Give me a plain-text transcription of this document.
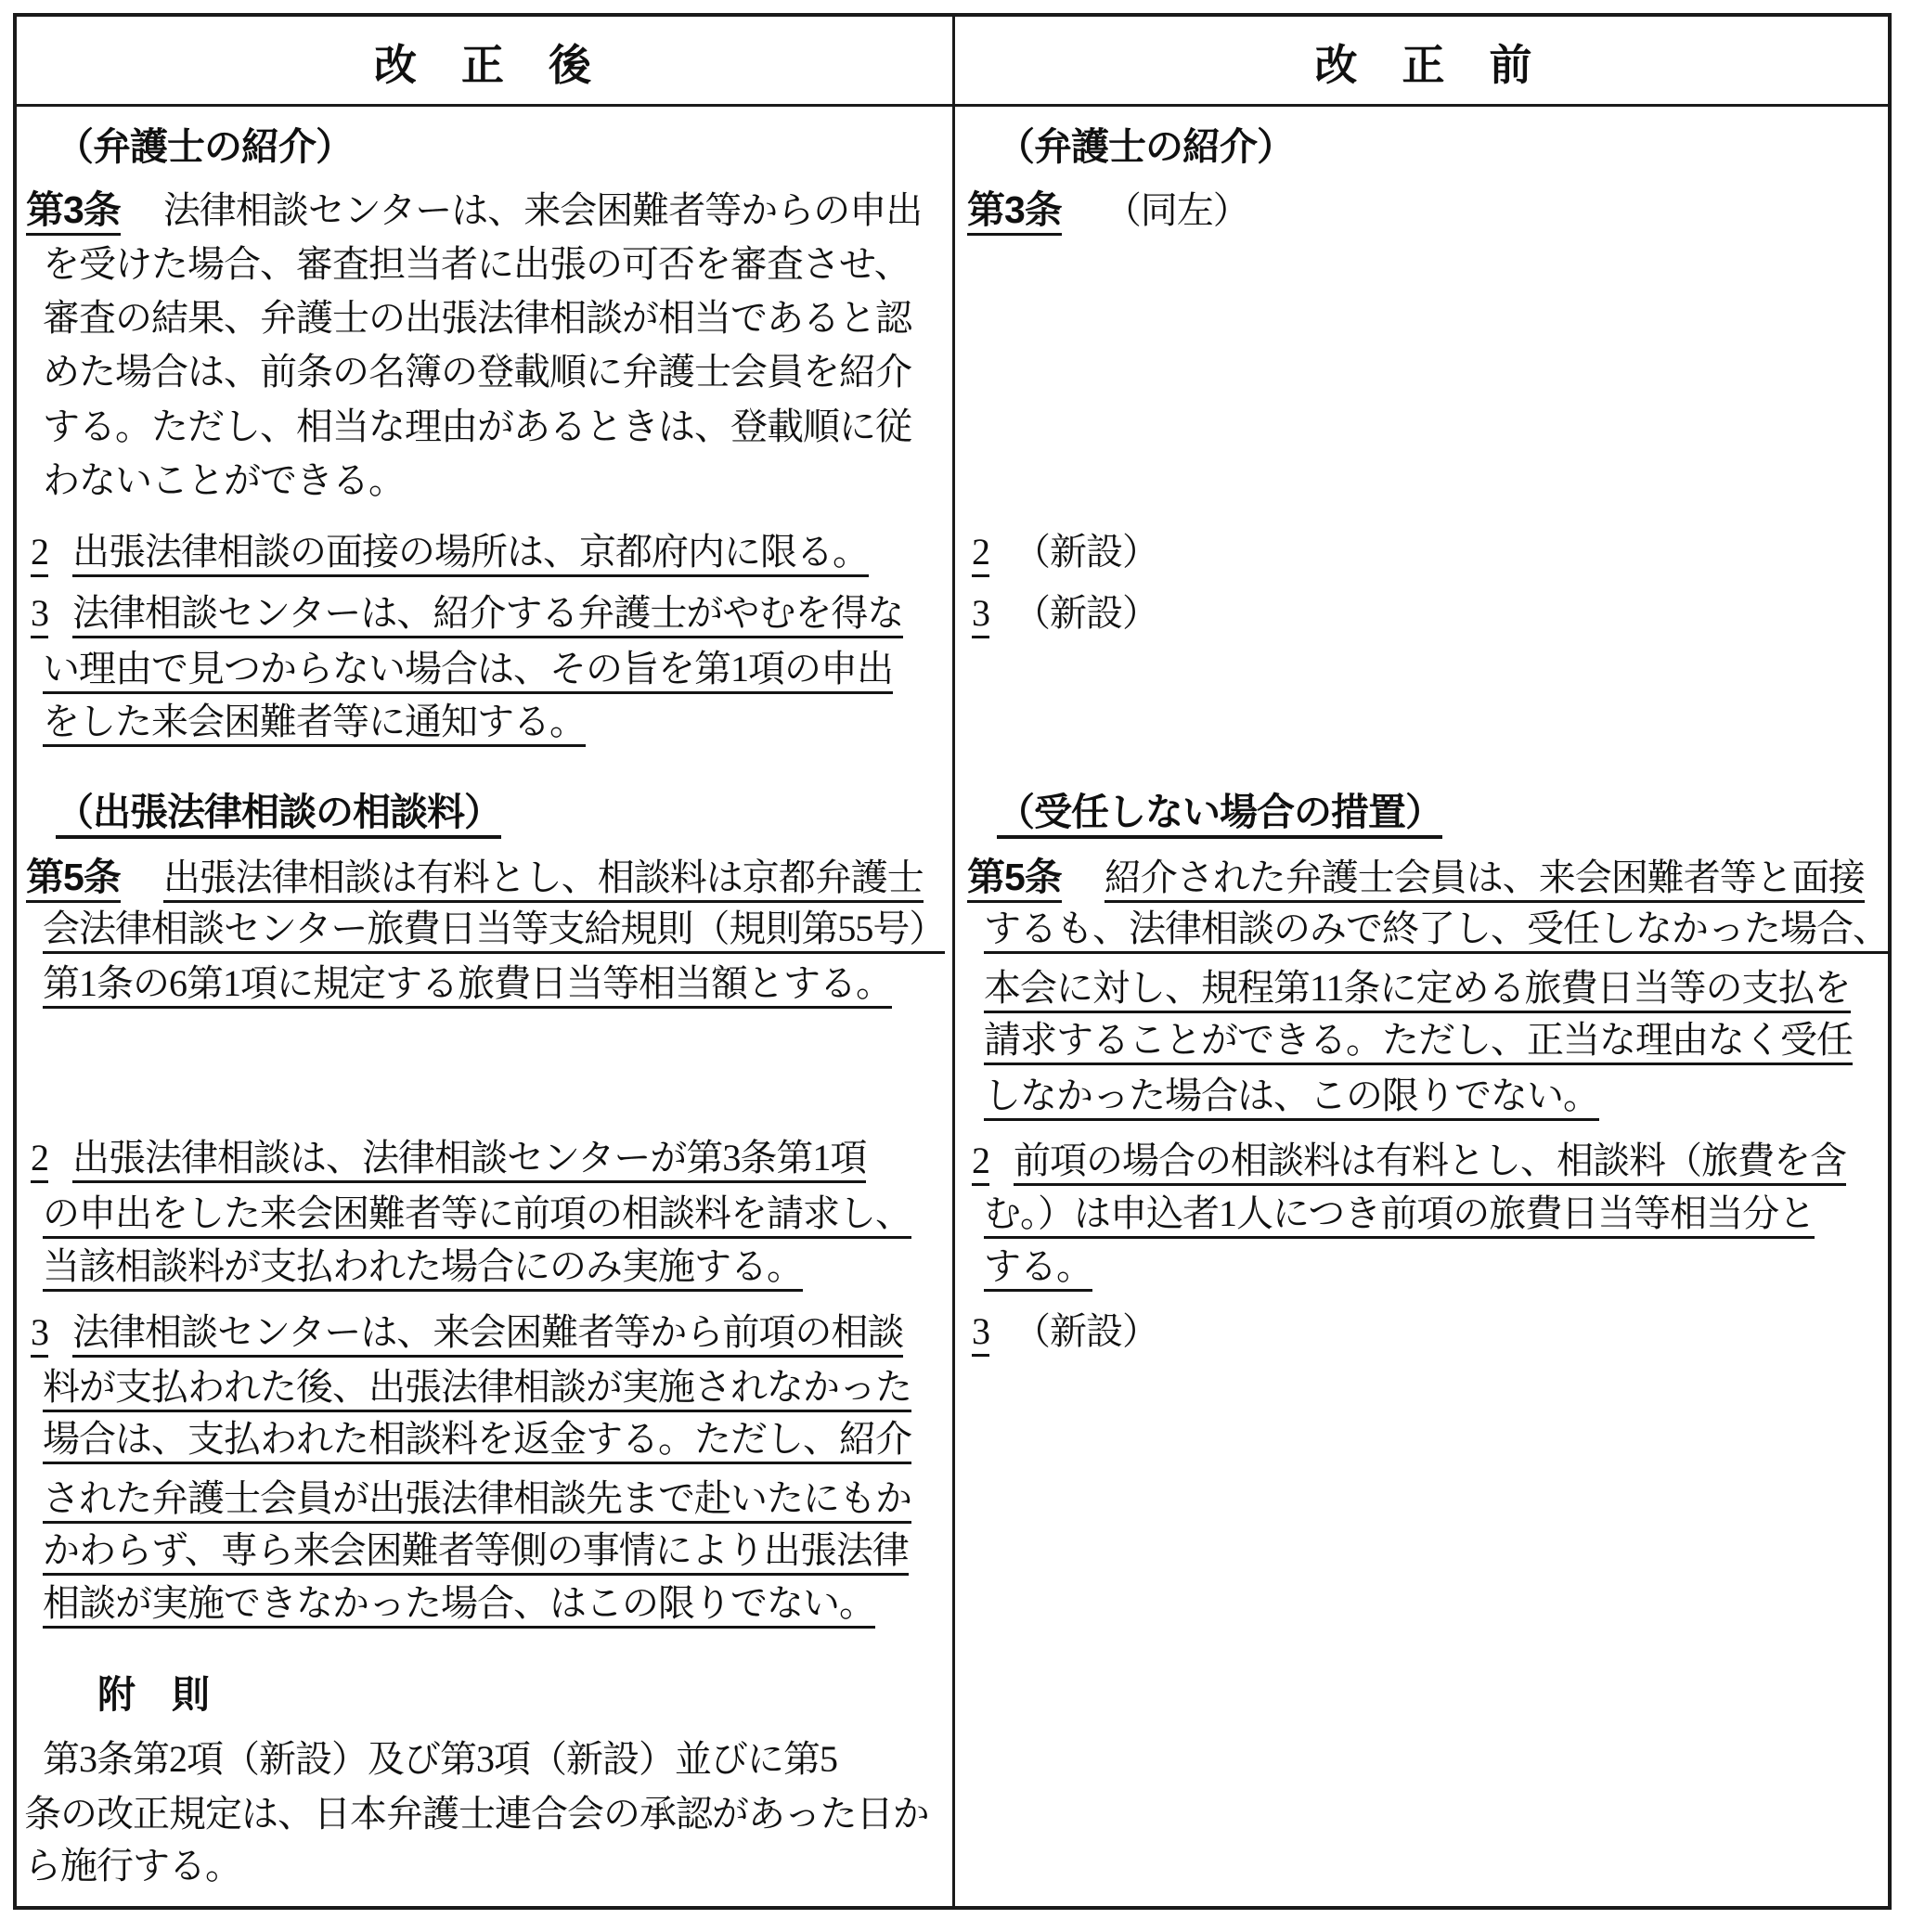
改　正　後	改　正　前
（弁護士の紹介）
第3条 法律相談センターは、来会困難者等からの申出
を受けた場合、審査担当者に出張の可否を審査させ、
審査の結果、弁護士の出張法律相談が相当であると認
めた場合は、前条の名簿の登載順に弁護士会員を紹介
する。ただし、相当な理由があるときは、登載順に従
わないことができる。
2 出張法律相談の面接の場所は、京都府内に限る。
3 法律相談センターは、紹介する弁護士がやむを得な
い理由で見つからない場合は、その旨を第1項の申出
をした来会困難者等に通知する。
（出張法律相談の相談料）
第5条 出張法律相談は有料とし、相談料は京都弁護士
会法律相談センター旅費日当等支給規則（規則第55号）
第1条の6第1項に規定する旅費日当等相当額とする。
2 出張法律相談は、法律相談センターが第3条第1項
の申出をした来会困難者等に前項の相談料を請求し、
当該相談料が支払われた場合にのみ実施する。
3 法律相談センターは、来会困難者等から前項の相談
料が支払われた後、出張法律相談が実施されなかった
場合は、支払われた相談料を返金する。ただし、紹介
された弁護士会員が出張法律相談先まで赴いたにもか
かわらず、専ら来会困難者等側の事情により出張法律
相談が実施できなかった場合、はこの限りでない。
附　則
第3条第2項（新設）及び第3項（新設）並びに第5
条の改正規定は、日本弁護士連合会の承認があった日か
ら施行する。
（弁護士の紹介）
第3条 （同左）
2 （新設）
3 （新設）
（受任しない場合の措置）
第5条 紹介された弁護士会員は、来会困難者等と面接
するも、法律相談のみで終了し、受任しなかった場合、
本会に対し、規程第11条に定める旅費日当等の支払を
請求することができる。ただし、正当な理由なく受任
しなかった場合は、この限りでない。
2 前項の場合の相談料は有料とし、相談料（旅費を含
む。）は申込者1人につき前項の旅費日当等相当分と
する。
3 （新設）
